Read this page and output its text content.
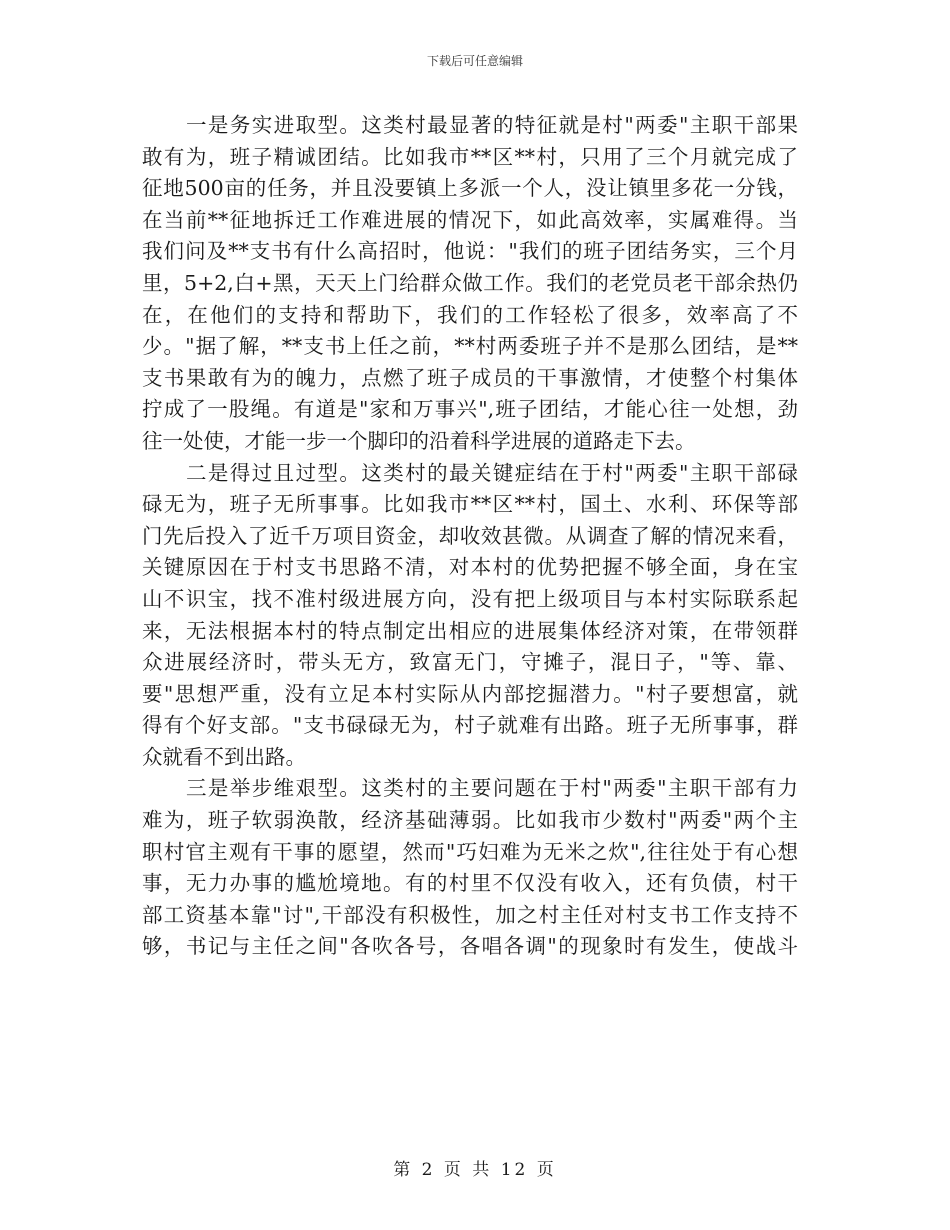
下载后可任意编辑
一是务实进取型。这类村最显著的特征就是村"两委"主职干部果
敢有为，班子精诚团结。比如我市**区**村，只用了三个月就完成了
征地500亩的任务，并且没要镇上多派一个人，没让镇里多花一分钱，
在当前**征地拆迁工作难进展的情况下，如此高效率，实属难得。当
我们问及**支书有什么高招时，他说："我们的班子团结务实，三个月
里，5+2,白+黑，天天上门给群众做工作。我们的老党员老干部余热仍
在，在他们的支持和帮助下，我们的工作轻松了很多，效率高了不
少。"据了解，**支书上任之前，**村两委班子并不是那么团结，是**
支书果敢有为的魄力，点燃了班子成员的干事激情，才使整个村集体
拧成了一股绳。有道是"家和万事兴",班子团结，才能心往一处想，劲
往一处使，才能一步一个脚印的沿着科学进展的道路走下去。
二是得过且过型。这类村的最关键症结在于村"两委"主职干部碌
碌无为，班子无所事事。比如我市**区**村，国土、水利、环保等部
门先后投入了近千万项目资金，却收效甚微。从调查了解的情况来看，
关键原因在于村支书思路不清，对本村的优势把握不够全面，身在宝
山不识宝，找不准村级进展方向，没有把上级项目与本村实际联系起
来，无法根据本村的特点制定出相应的进展集体经济对策，在带领群
众进展经济时，带头无方，致富无门，守摊子，混日子，"等、靠、
要"思想严重，没有立足本村实际从内部挖掘潜力。"村子要想富，就
得有个好支部。"支书碌碌无为，村子就难有出路。班子无所事事，群
众就看不到出路。
三是举步维艰型。这类村的主要问题在于村"两委"主职干部有力
难为，班子软弱涣散，经济基础薄弱。比如我市少数村"两委"两个主
职村官主观有干事的愿望，然而"巧妇难为无米之炊",往往处于有心想
事，无力办事的尴尬境地。有的村里不仅没有收入，还有负债，村干
部工资基本靠"讨",干部没有积极性，加之村主任对村支书工作支持不
够，书记与主任之间"各吹各号，各唱各调"的现象时有发生，使战斗
第 2 页 共 12 页
